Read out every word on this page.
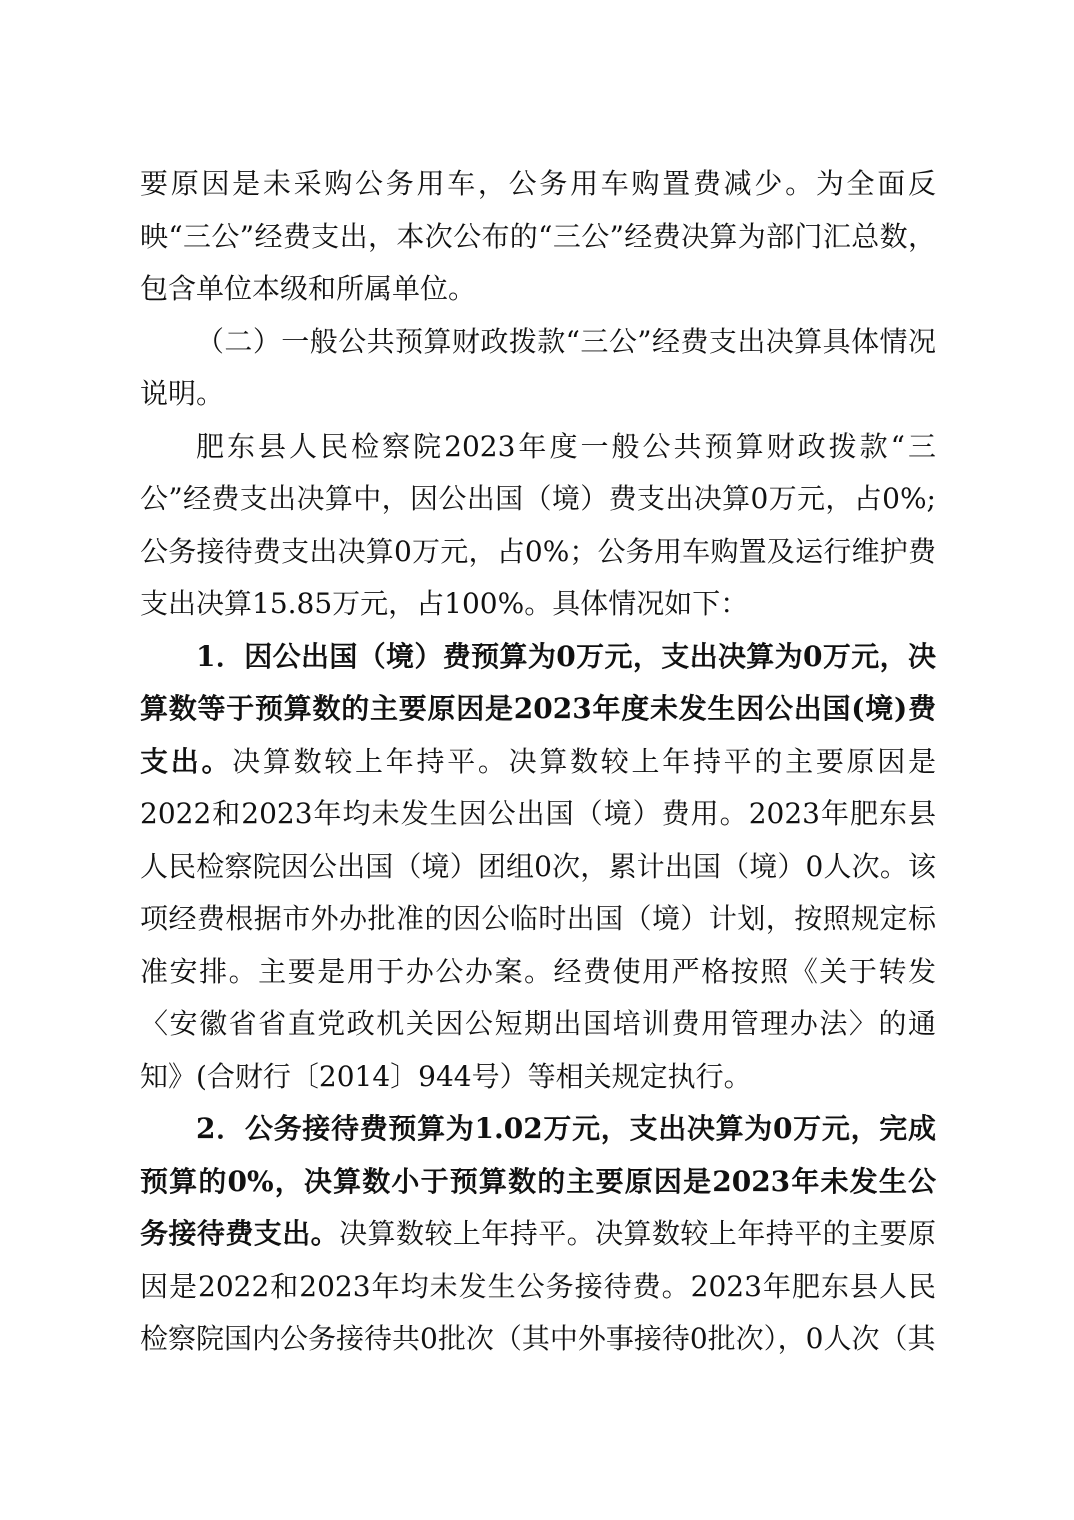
要原因是未采购公务用车，公务用车购置费减少。为全面反映“三公”经费支出，本次公布的“三公”经费决算为部门汇总数，包含单位本级和所属单位。

（二）一般公共预算财政拨款“三公”经费支出决算具体情况说明。

肥东县人民检察院2023年度一般公共预算财政拨款“三公”经费支出决算中，因公出国（境）费支出决算0万元，占0%;公务接待费支出决算0万元，占0%；公务用车购置及运行维护费支出决算15.85万元，占100%。具体情况如下：

1．因公出国（境）费预算为0万元，支出决算为0万元，决算数等于预算数的主要原因是2023年度未发生因公出国(境)费支出。决算数较上年持平。决算数较上年持平的主要原因是2022和2023年均未发生因公出国（境）费用。2023年肥东县人民检察院因公出国（境）团组0次，累计出国（境）0人次。该项经费根据市外办批准的因公临时出国（境）计划，按照规定标准安排。主要是用于办公办案。经费使用严格按照《关于转发〈安徽省省直党政机关因公短期出国培训费用管理办法〉的通知》(合财行〔2014〕944号）等相关规定执行。

2．公务接待费预算为1.02万元，支出决算为0万元，完成预算的0%，决算数小于预算数的主要原因是2023年未发生公务接待费支出。决算数较上年持平。决算数较上年持平的主要原因是2022和2023年均未发生公务接待费。2023年肥东县人民检察院国内公务接待共0批次（其中外事接待0批次），0人次（其
